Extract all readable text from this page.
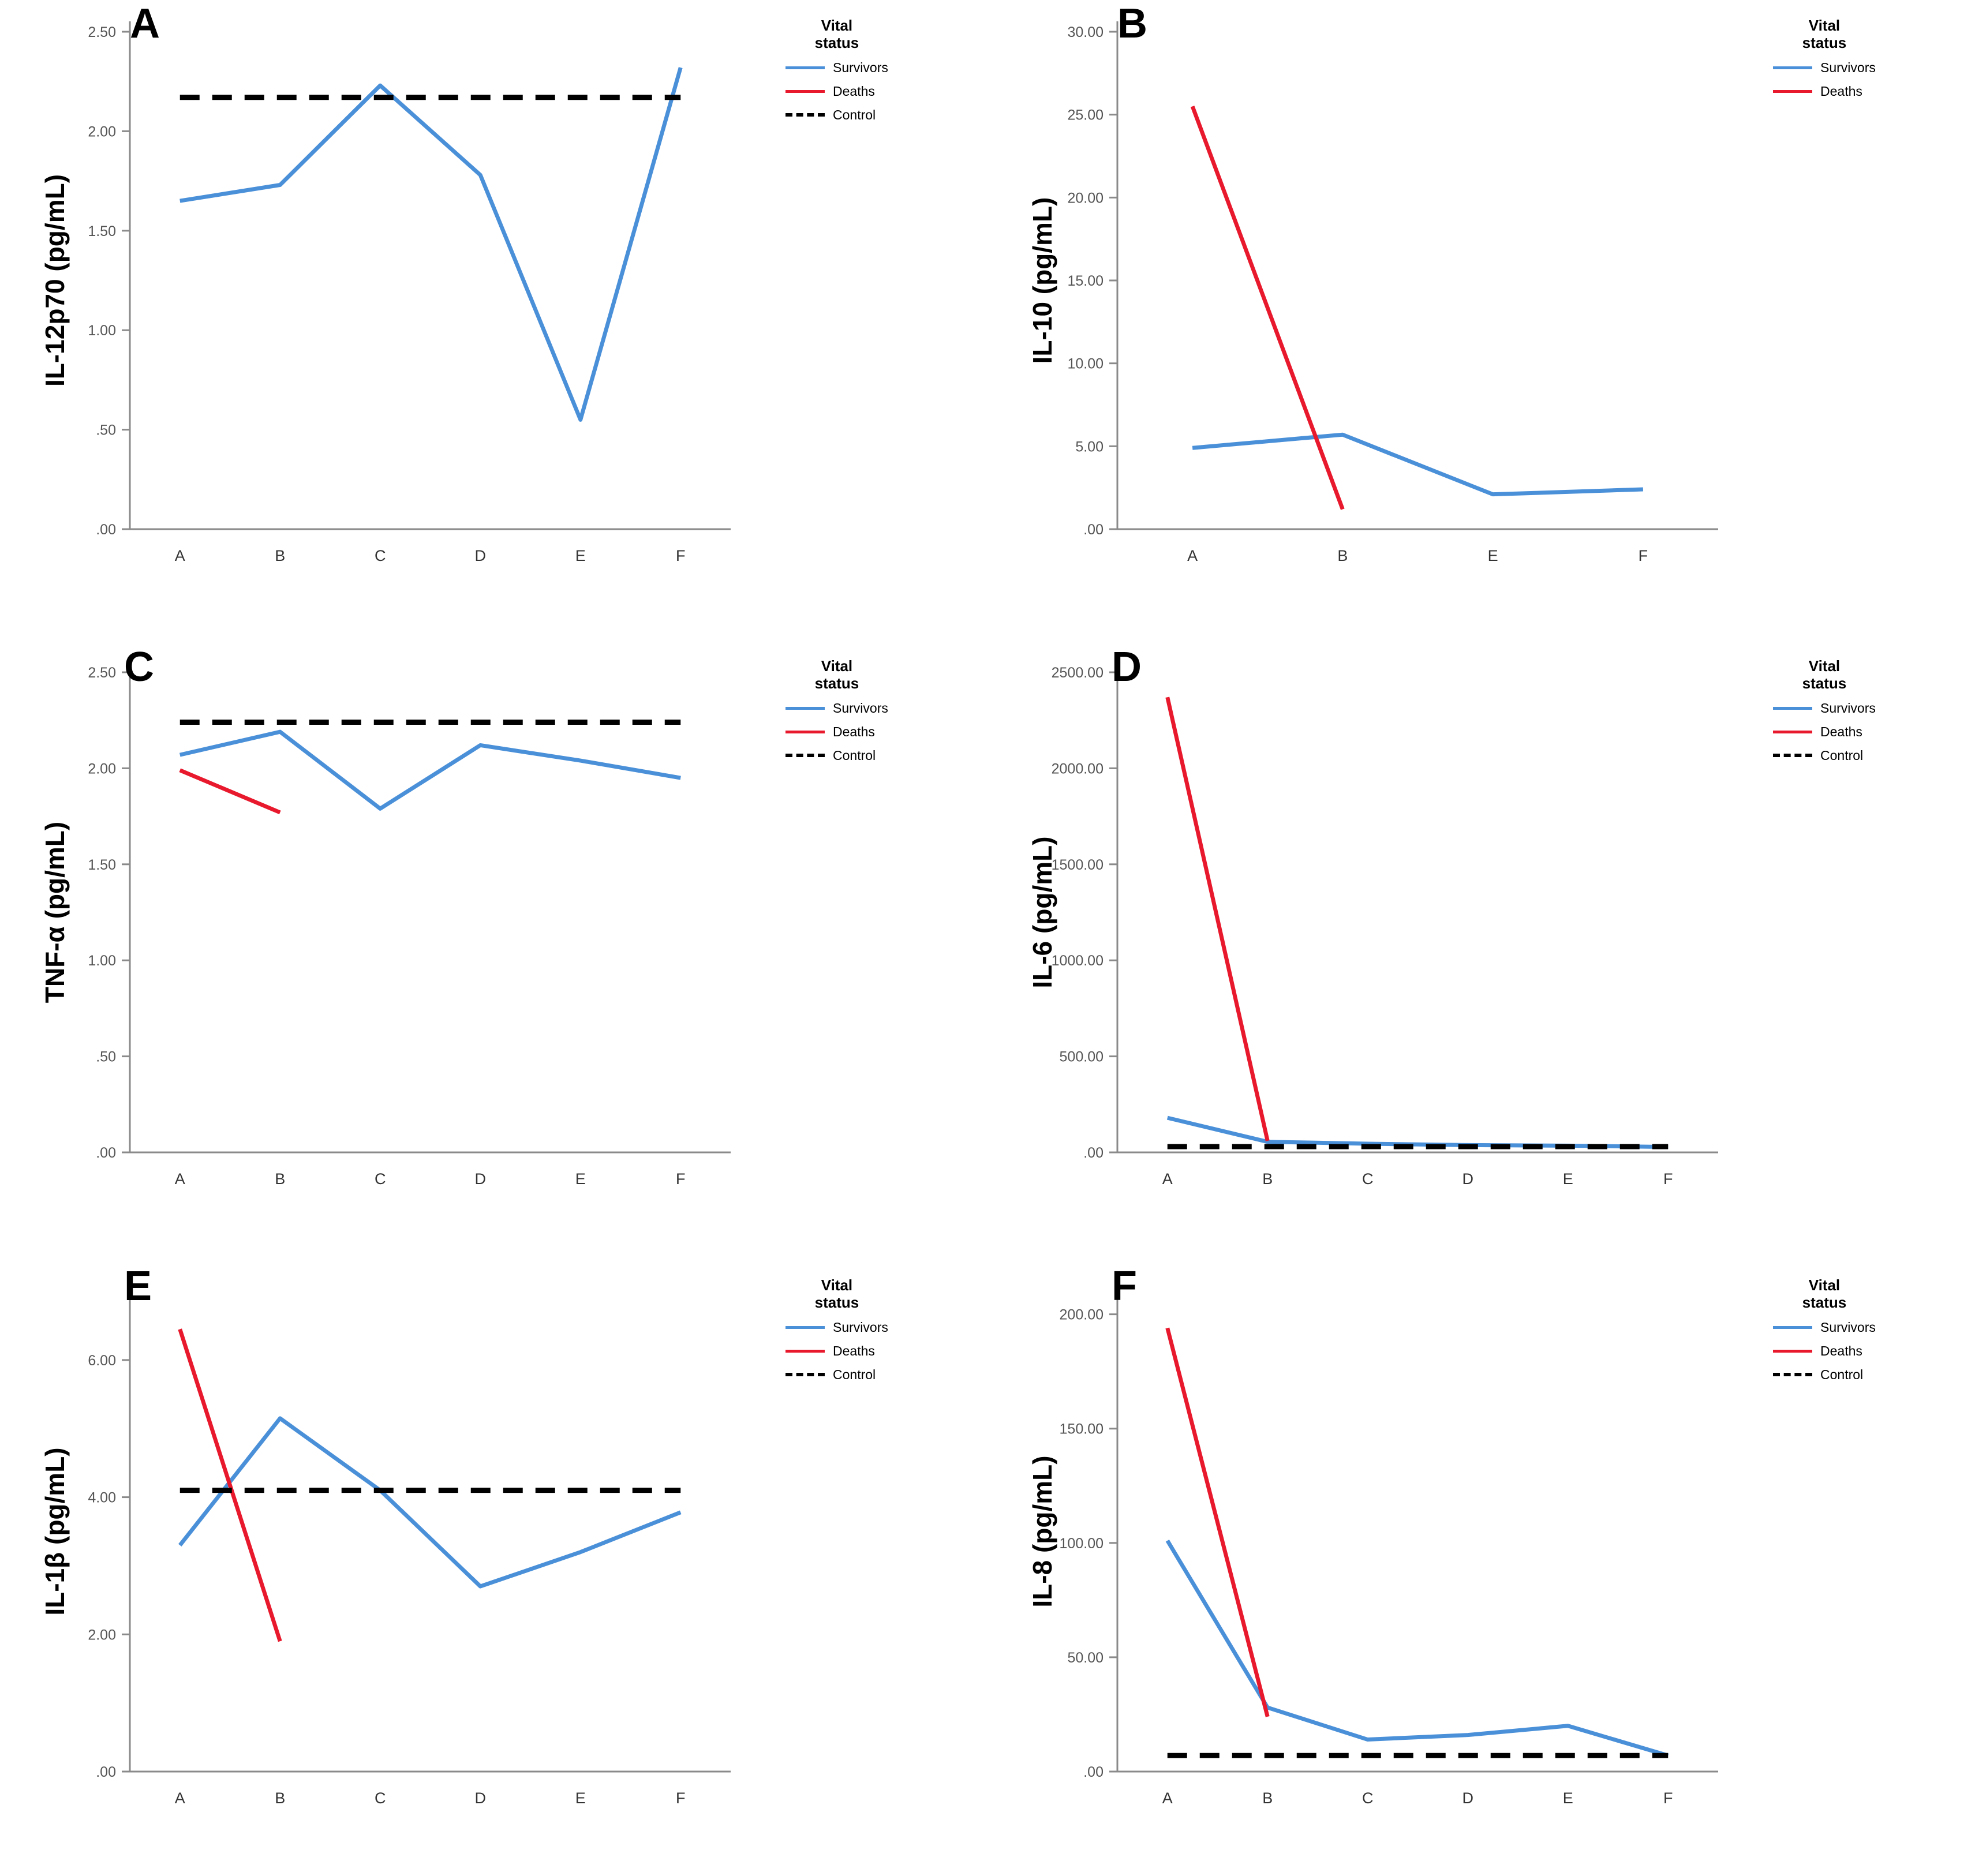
.00
.50
1.00
1.50
2.00
2.50
A	B	C	D	E	F
A
IL-12p70 (pg/mL)
Vital
status
Survivors
Deaths
Control
.00
5.00
10.00
15.00
20.00
25.00
30.00
A	B	E	F
B
IL-10 (pg/mL)
Vital
status
Survivors
Deaths
.00
.50
1.00
1.50
2.00
2.50
A	B	C	D	E	F
C
TNF-α (pg/mL)
Vital
status
Survivors
Deaths
Control
.00
500.00
1000.00
1500.00
2000.00
2500.00
A	B	C	D	E	F
D
IL-6 (pg/mL)
Vital
status
Survivors
Deaths
Control
.00
2.00
4.00
6.00
A	B	C	D	E	F
E
IL-1β (pg/mL)
Vital
status
Survivors
Deaths
Control
.00
50.00
100.00
150.00
200.00
A	B	C	D	E	F
F
IL-8 (pg/mL)
Vital
status
Survivors
Deaths
Control
